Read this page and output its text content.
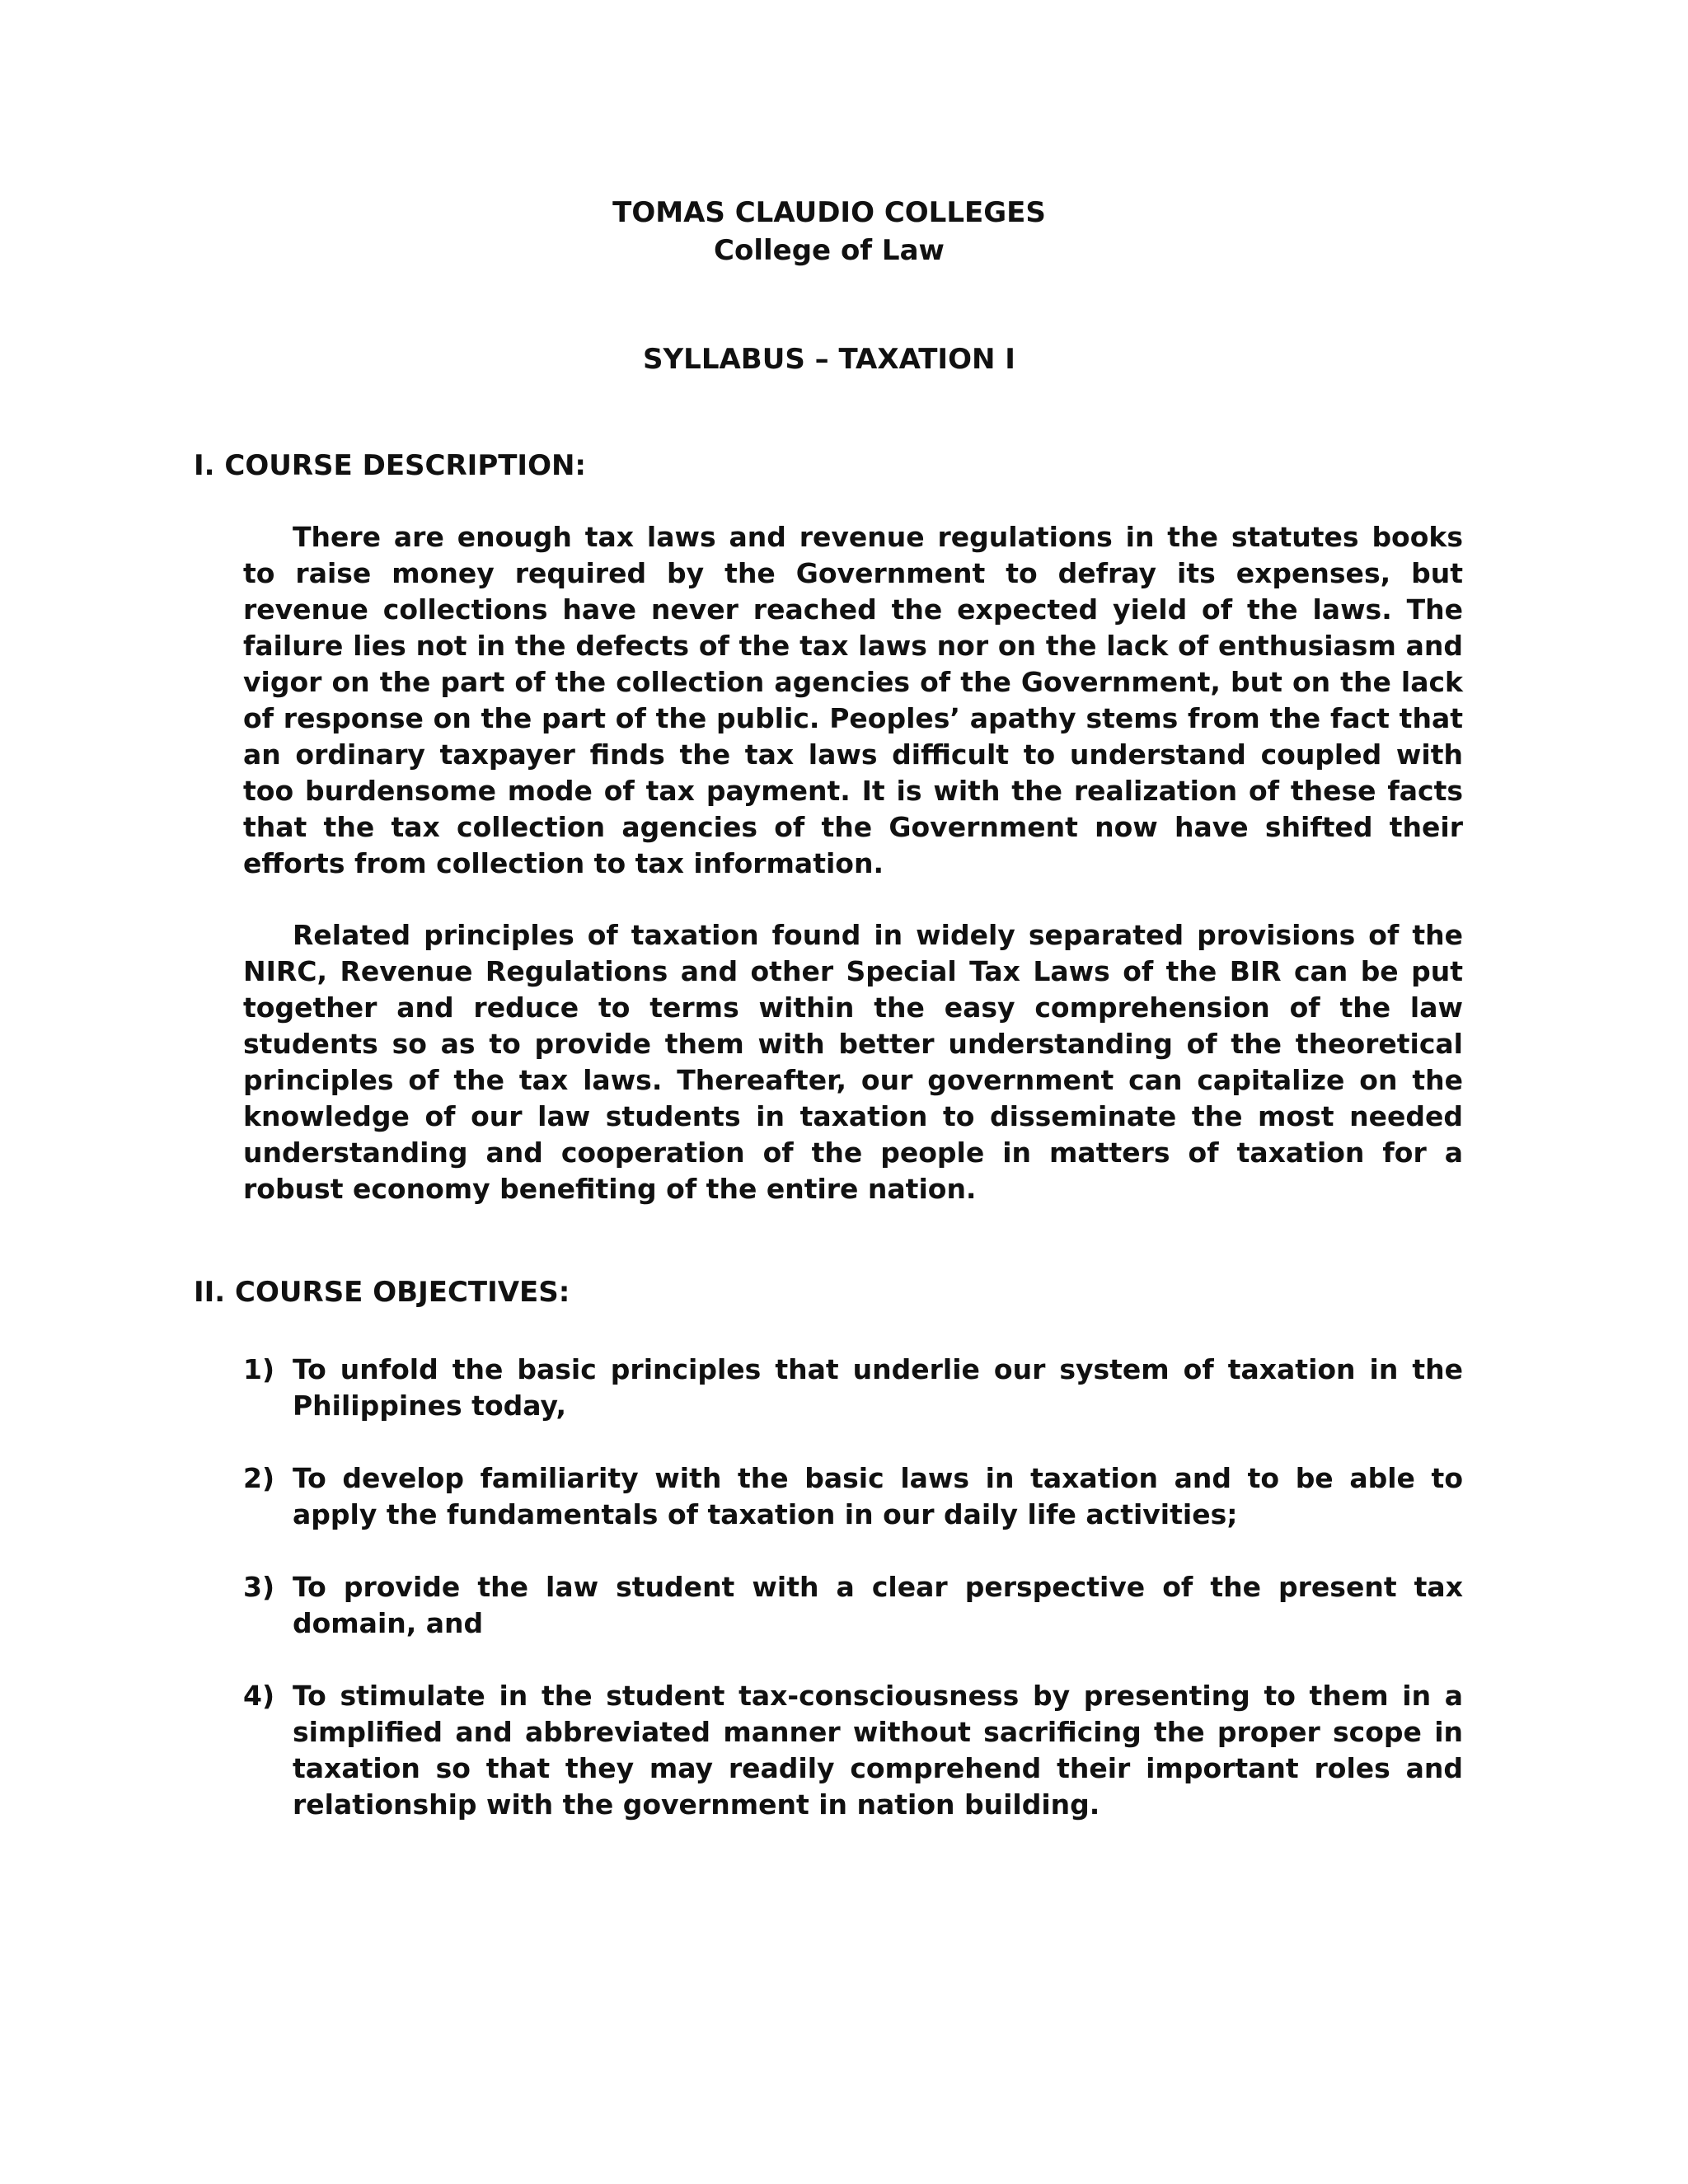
TOMAS CLAUDIO COLLEGES

College of Law

SYLLABUS – TAXATION I

I. COURSE DESCRIPTION:

There are enough tax laws and revenue regulations in the statutes books to raise money required by the Government to defray its expenses, but revenue collections have never reached the expected yield of the laws. The failure lies not in the defects of the tax laws nor on the lack of enthusiasm and vigor on the part of the collection agencies of the Government, but on the lack of response on the part of the public. Peoples’ apathy stems from the fact that an ordinary taxpayer finds the tax laws difficult to understand coupled with too burdensome mode of tax payment. It is with the realization of these facts that the tax collection agencies of the Government now have shifted their efforts from collection to tax information.

Related principles of taxation found in widely separated provisions of the NIRC, Revenue Regulations and other Special Tax Laws of the BIR can be put together and reduce to terms within the easy comprehension of the law students so as to provide them with better understanding of the theoretical principles of the tax laws. Thereafter, our government can capitalize on the knowledge of our law students in taxation to disseminate the most needed understanding and cooperation of the people in matters of taxation for a robust economy benefiting of the entire nation.

II. COURSE OBJECTIVES:
1) To unfold the basic principles that underlie our system of taxation in the Philippines today,
2) To develop familiarity with the basic laws in taxation and to be able to apply the fundamentals of taxation in our daily life activities;
3) To provide the law student with a clear perspective of the present tax domain, and
4) To stimulate in the student tax-consciousness by presenting to them in a simplified and abbreviated manner without sacrificing the proper scope in taxation so that they may readily comprehend their important roles and relationship with the government in nation building.
